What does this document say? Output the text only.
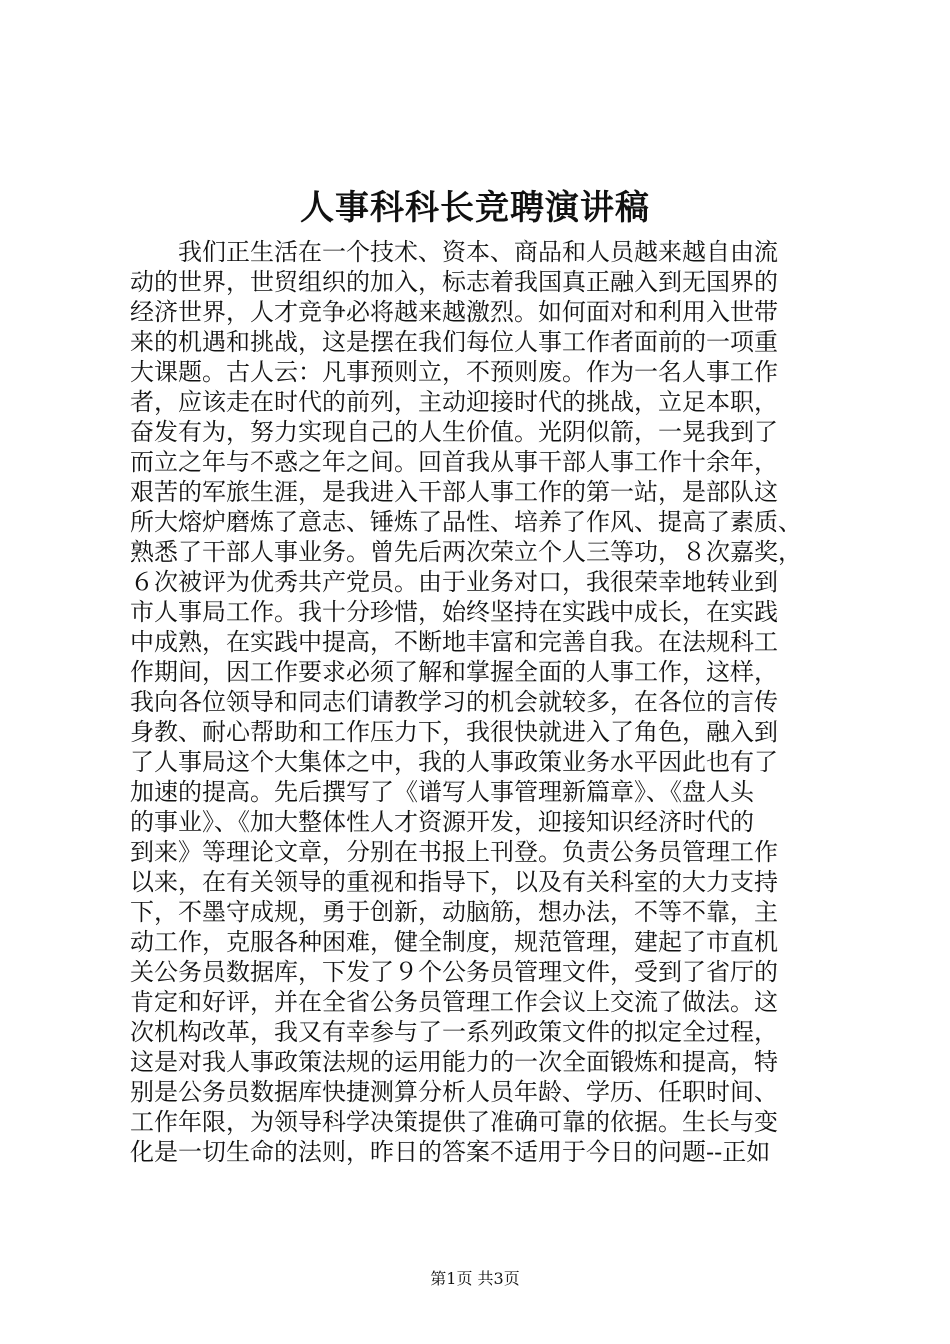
人事科科长竞聘演讲稿
　　我们正生活在一个技术、资本、商品和人员越来越自由流
动的世界，世贸组织的加入，标志着我国真正融入到无国界的
经济世界，人才竞争必将越来越激烈。如何面对和利用入世带
来的机遇和挑战，这是摆在我们每位人事工作者面前的一项重
大课题。古人云：凡事预则立，不预则废。作为一名人事工作
者，应该走在时代的前列，主动迎接时代的挑战，立足本职，
奋发有为，努力实现自己的人生价值。光阴似箭，一晃我到了
而立之年与不惑之年之间。回首我从事干部人事工作十余年，
艰苦的军旅生涯，是我进入干部人事工作的第一站，是部队这
所大熔炉磨炼了意志、锤炼了品性、培养了作风、提高了素质、
熟悉了干部人事业务。曾先后两次荣立个人三等功，８次嘉奖，
６次被评为优秀共产党员。由于业务对口，我很荣幸地转业到
市人事局工作。我十分珍惜，始终坚持在实践中成长，在实践
中成熟，在实践中提高，不断地丰富和完善自我。在法规科工
作期间，因工作要求必须了解和掌握全面的人事工作，这样，
我向各位领导和同志们请教学习的机会就较多，在各位的言传
身教、耐心帮助和工作压力下，我很快就进入了角色，融入到
了人事局这个大集体之中，我的人事政策业务水平因此也有了
加速的提高。先后撰写了《谱写人事管理新篇章》、《盘人头
的事业》、《加大整体性人才资源开发，迎接知识经济时代的
到来》等理论文章，分别在书报上刊登。负责公务员管理工作
以来，在有关领导的重视和指导下，以及有关科室的大力支持
下，不墨守成规，勇于创新，动脑筋，想办法，不等不靠，主
动工作，克服各种困难，健全制度，规范管理，建起了市直机
关公务员数据库，下发了９个公务员管理文件，受到了省厅的
肯定和好评，并在全省公务员管理工作会议上交流了做法。这
次机构改革，我又有幸参与了一系列政策文件的拟定全过程，
这是对我人事政策法规的运用能力的一次全面锻炼和提高，特
别是公务员数据库快捷测算分析人员年龄、学历、任职时间、
工作年限，为领导科学决策提供了准确可靠的依据。生长与变
化是一切生命的法则，昨日的答案不适用于今日的问题--正如
第1页 共3页
